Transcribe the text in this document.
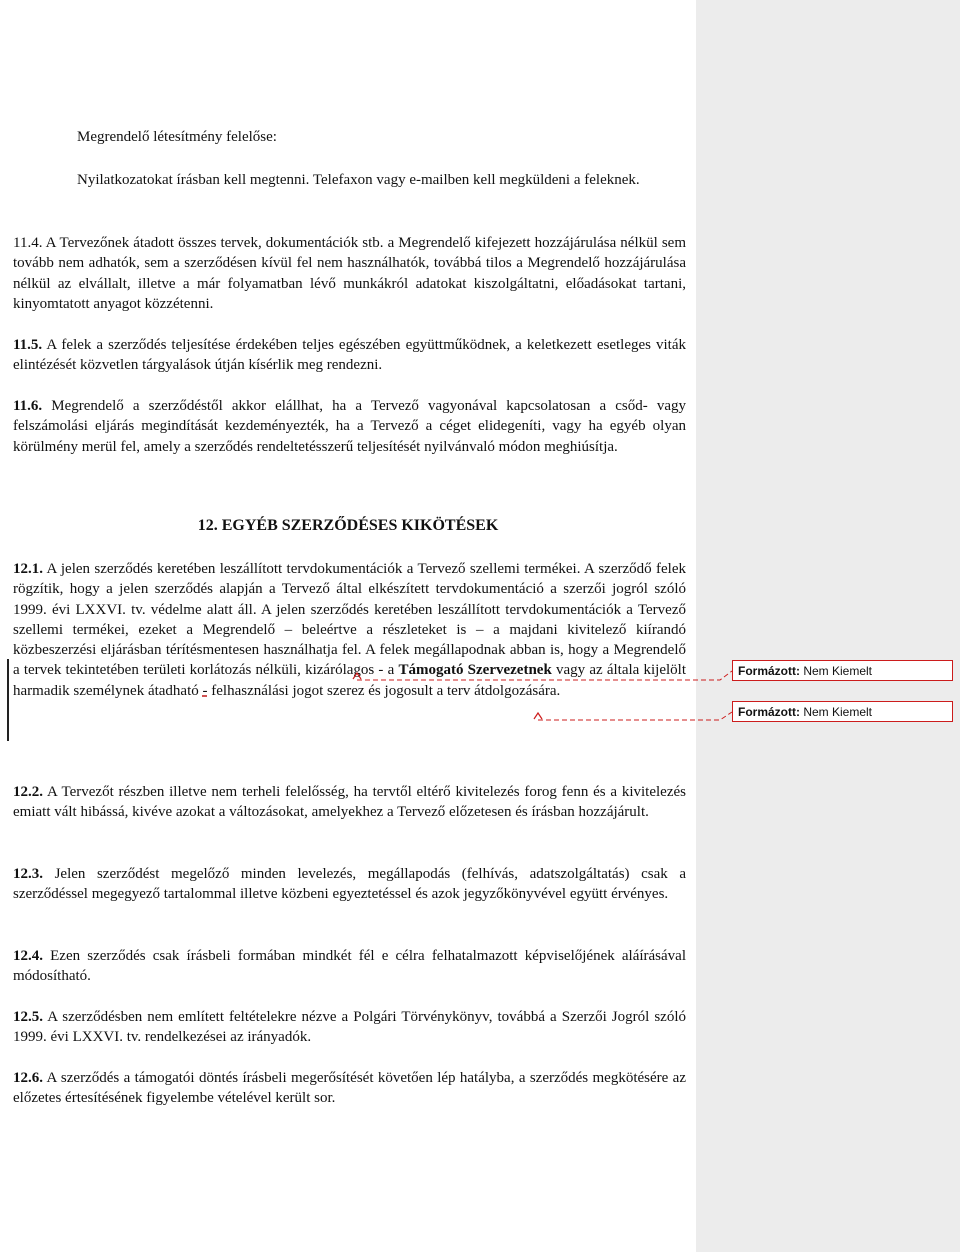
Megrendelő létesítmény felelőse:

Nyilatkozatokat írásban kell megtenni. Telefaxon vagy e-mailben kell megküldeni a feleknek.

11.4. A Tervezőnek átadott összes tervek, dokumentációk stb. a Megrendelő kifejezett hozzájárulása nélkül sem tovább nem adhatók, sem a szerződésen kívül fel nem használhatók, továbbá tilos a Megrendelő hozzájárulása nélkül az elvállalt, illetve a már folyamatban lévő munkákról adatokat kiszolgáltatni, előadásokat tartani, kinyomtatott anyagot közzétenni.

11.5. A felek a szerződés teljesítése érdekében teljes egészében együttműködnek, a keletkezett esetleges viták elintézését közvetlen tárgyalások útján kísérlik meg rendezni.

11.6. Megrendelő a szerződéstől akkor elállhat, ha a Tervező vagyonával kapcsolatosan a csőd- vagy felszámolási eljárás megindítását kezdeményezték, ha a Tervező a céget elidegeníti, vagy ha egyéb olyan körülmény merül fel, amely a szerződés rendeltetésszerű teljesítését nyilvánvaló módon meghiúsítja.

12. EGYÉB SZERZŐDÉSES KIKÖTÉSEK

12.1. A jelen szerződés keretében leszállított tervdokumentációk a Tervező szellemi termékei. A szerződő felek rögzítik, hogy a jelen szerződés alapján a Tervező által elkészített tervdokumentáció a szerzői jogról szóló 1999. évi LXXVI. tv. védelme alatt áll. A jelen szerződés keretében leszállított tervdokumentációk a Tervező szellemi termékei, ezeket a Megrendelő – beleértve a részleteket is – a majdani kivitelező kiírandó közbeszerzési eljárásban térítésmentesen használhatja fel. A felek megállapodnak abban is, hogy a Megrendelő a tervek tekintetében területi korlátozás nélküli, kizárólagos - a Támogató Szervezetnek vagy az általa kijelölt harmadik személynek átadható - felhasználási jogot szerez és jogosult a terv átdolgozására.

12.2. A Tervezőt részben illetve nem terheli felelősség, ha tervtől eltérő kivitelezés forog fenn és a kivitelezés emiatt vált hibássá, kivéve azokat a változásokat, amelyekhez a Tervező előzetesen és írásban hozzájárult.

12.3. Jelen szerződést megelőző minden levelezés, megállapodás (felhívás, adatszolgáltatás) csak a szerződéssel megegyező tartalommal illetve közbeni egyeztetéssel és azok jegyzőkönyvével együtt érvényes.

12.4. Ezen szerződés csak írásbeli formában mindkét fél e célra felhatalmazott képviselőjének aláírásával módosítható.

12.5. A szerződésben nem említett feltételekre nézve a Polgári Törvénykönyv, továbbá a Szerzői Jogról szóló 1999. évi LXXVI. tv. rendelkezései az irányadók.

12.6. A szerződés a támogatói döntés írásbeli megerősítését követően lép hatályba, a szerződés megkötésére az előzetes értesítésének figyelembe vételével került sor.

Formázott: Nem Kiemelt
Formázott: Nem Kiemelt
